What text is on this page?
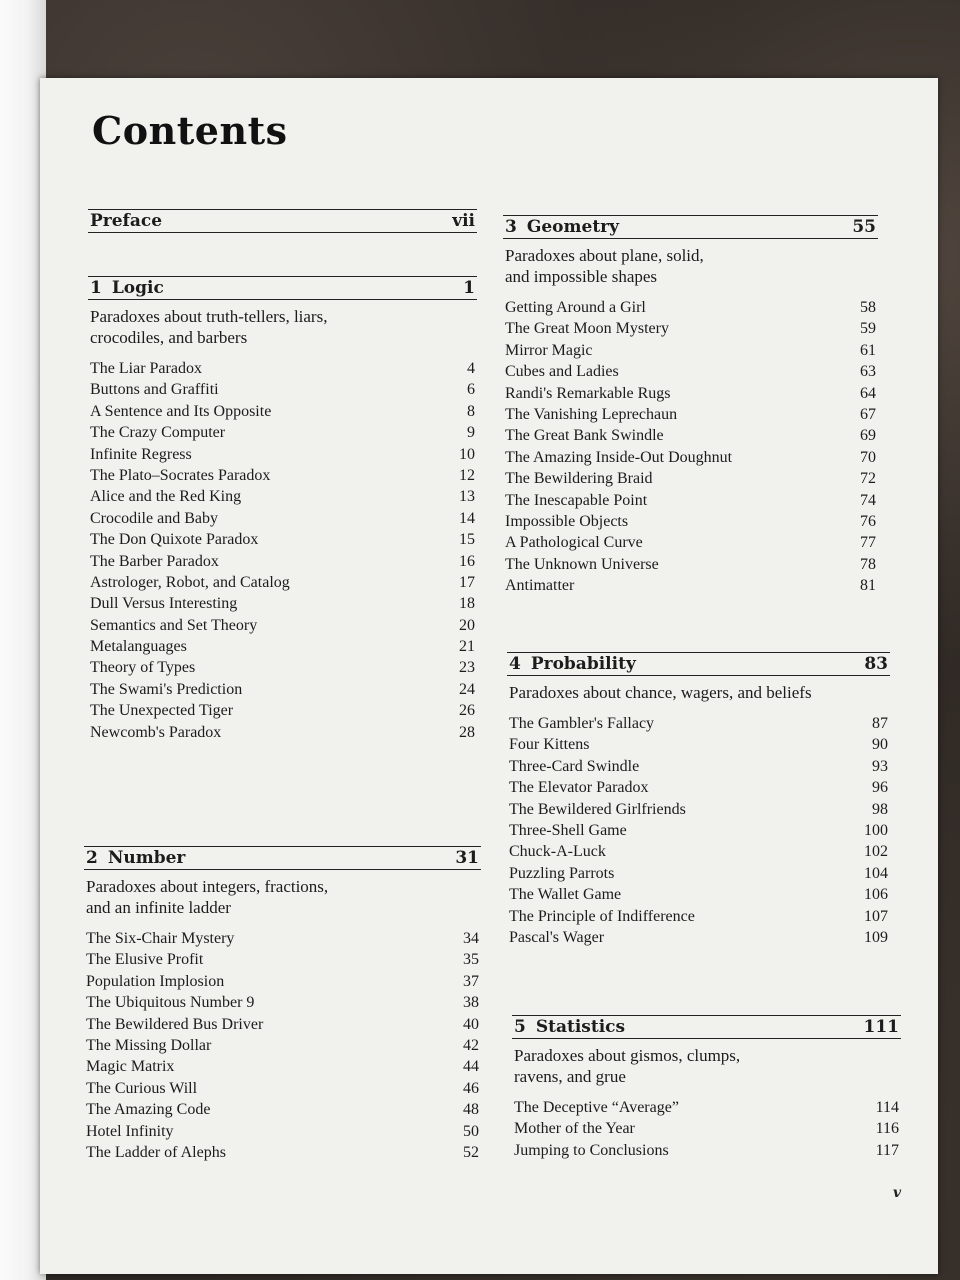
Contents
Preface	vii
1 Logic	1
Paradoxes about truth-tellers, liars,
crocodiles, and barbers
The Liar Paradox	4
Buttons and Graffiti	6
A Sentence and Its Opposite	8
The Crazy Computer	9
Infinite Regress	10
The Plato–Socrates Paradox	12
Alice and the Red King	13
Crocodile and Baby	14
The Don Quixote Paradox	15
The Barber Paradox	16
Astrologer, Robot, and Catalog	17
Dull Versus Interesting	18
Semantics and Set Theory	20
Metalanguages	21
Theory of Types	23
The Swami's Prediction	24
The Unexpected Tiger	26
Newcomb's Paradox	28
2 Number	31
Paradoxes about integers, fractions,
and an infinite ladder
The Six-Chair Mystery	34
The Elusive Profit	35
Population Implosion	37
The Ubiquitous Number 9	38
The Bewildered Bus Driver	40
The Missing Dollar	42
Magic Matrix	44
The Curious Will	46
The Amazing Code	48
Hotel Infinity	50
The Ladder of Alephs	52
3 Geometry	55
Paradoxes about plane, solid,
and impossible shapes
Getting Around a Girl	58
The Great Moon Mystery	59
Mirror Magic	61
Cubes and Ladies	63
Randi's Remarkable Rugs	64
The Vanishing Leprechaun	67
The Great Bank Swindle	69
The Amazing Inside-Out Doughnut	70
The Bewildering Braid	72
The Inescapable Point	74
Impossible Objects	76
A Pathological Curve	77
The Unknown Universe	78
Antimatter	81
4 Probability	83
Paradoxes about chance, wagers, and beliefs
The Gambler's Fallacy	87
Four Kittens	90
Three-Card Swindle	93
The Elevator Paradox	96
The Bewildered Girlfriends	98
Three-Shell Game	100
Chuck-A-Luck	102
Puzzling Parrots	104
The Wallet Game	106
The Principle of Indifference	107
Pascal's Wager	109
5 Statistics	111
Paradoxes about gismos, clumps,
ravens, and grue
The Deceptive “Average”	114
Mother of the Year	116
Jumping to Conclusions	117
v
